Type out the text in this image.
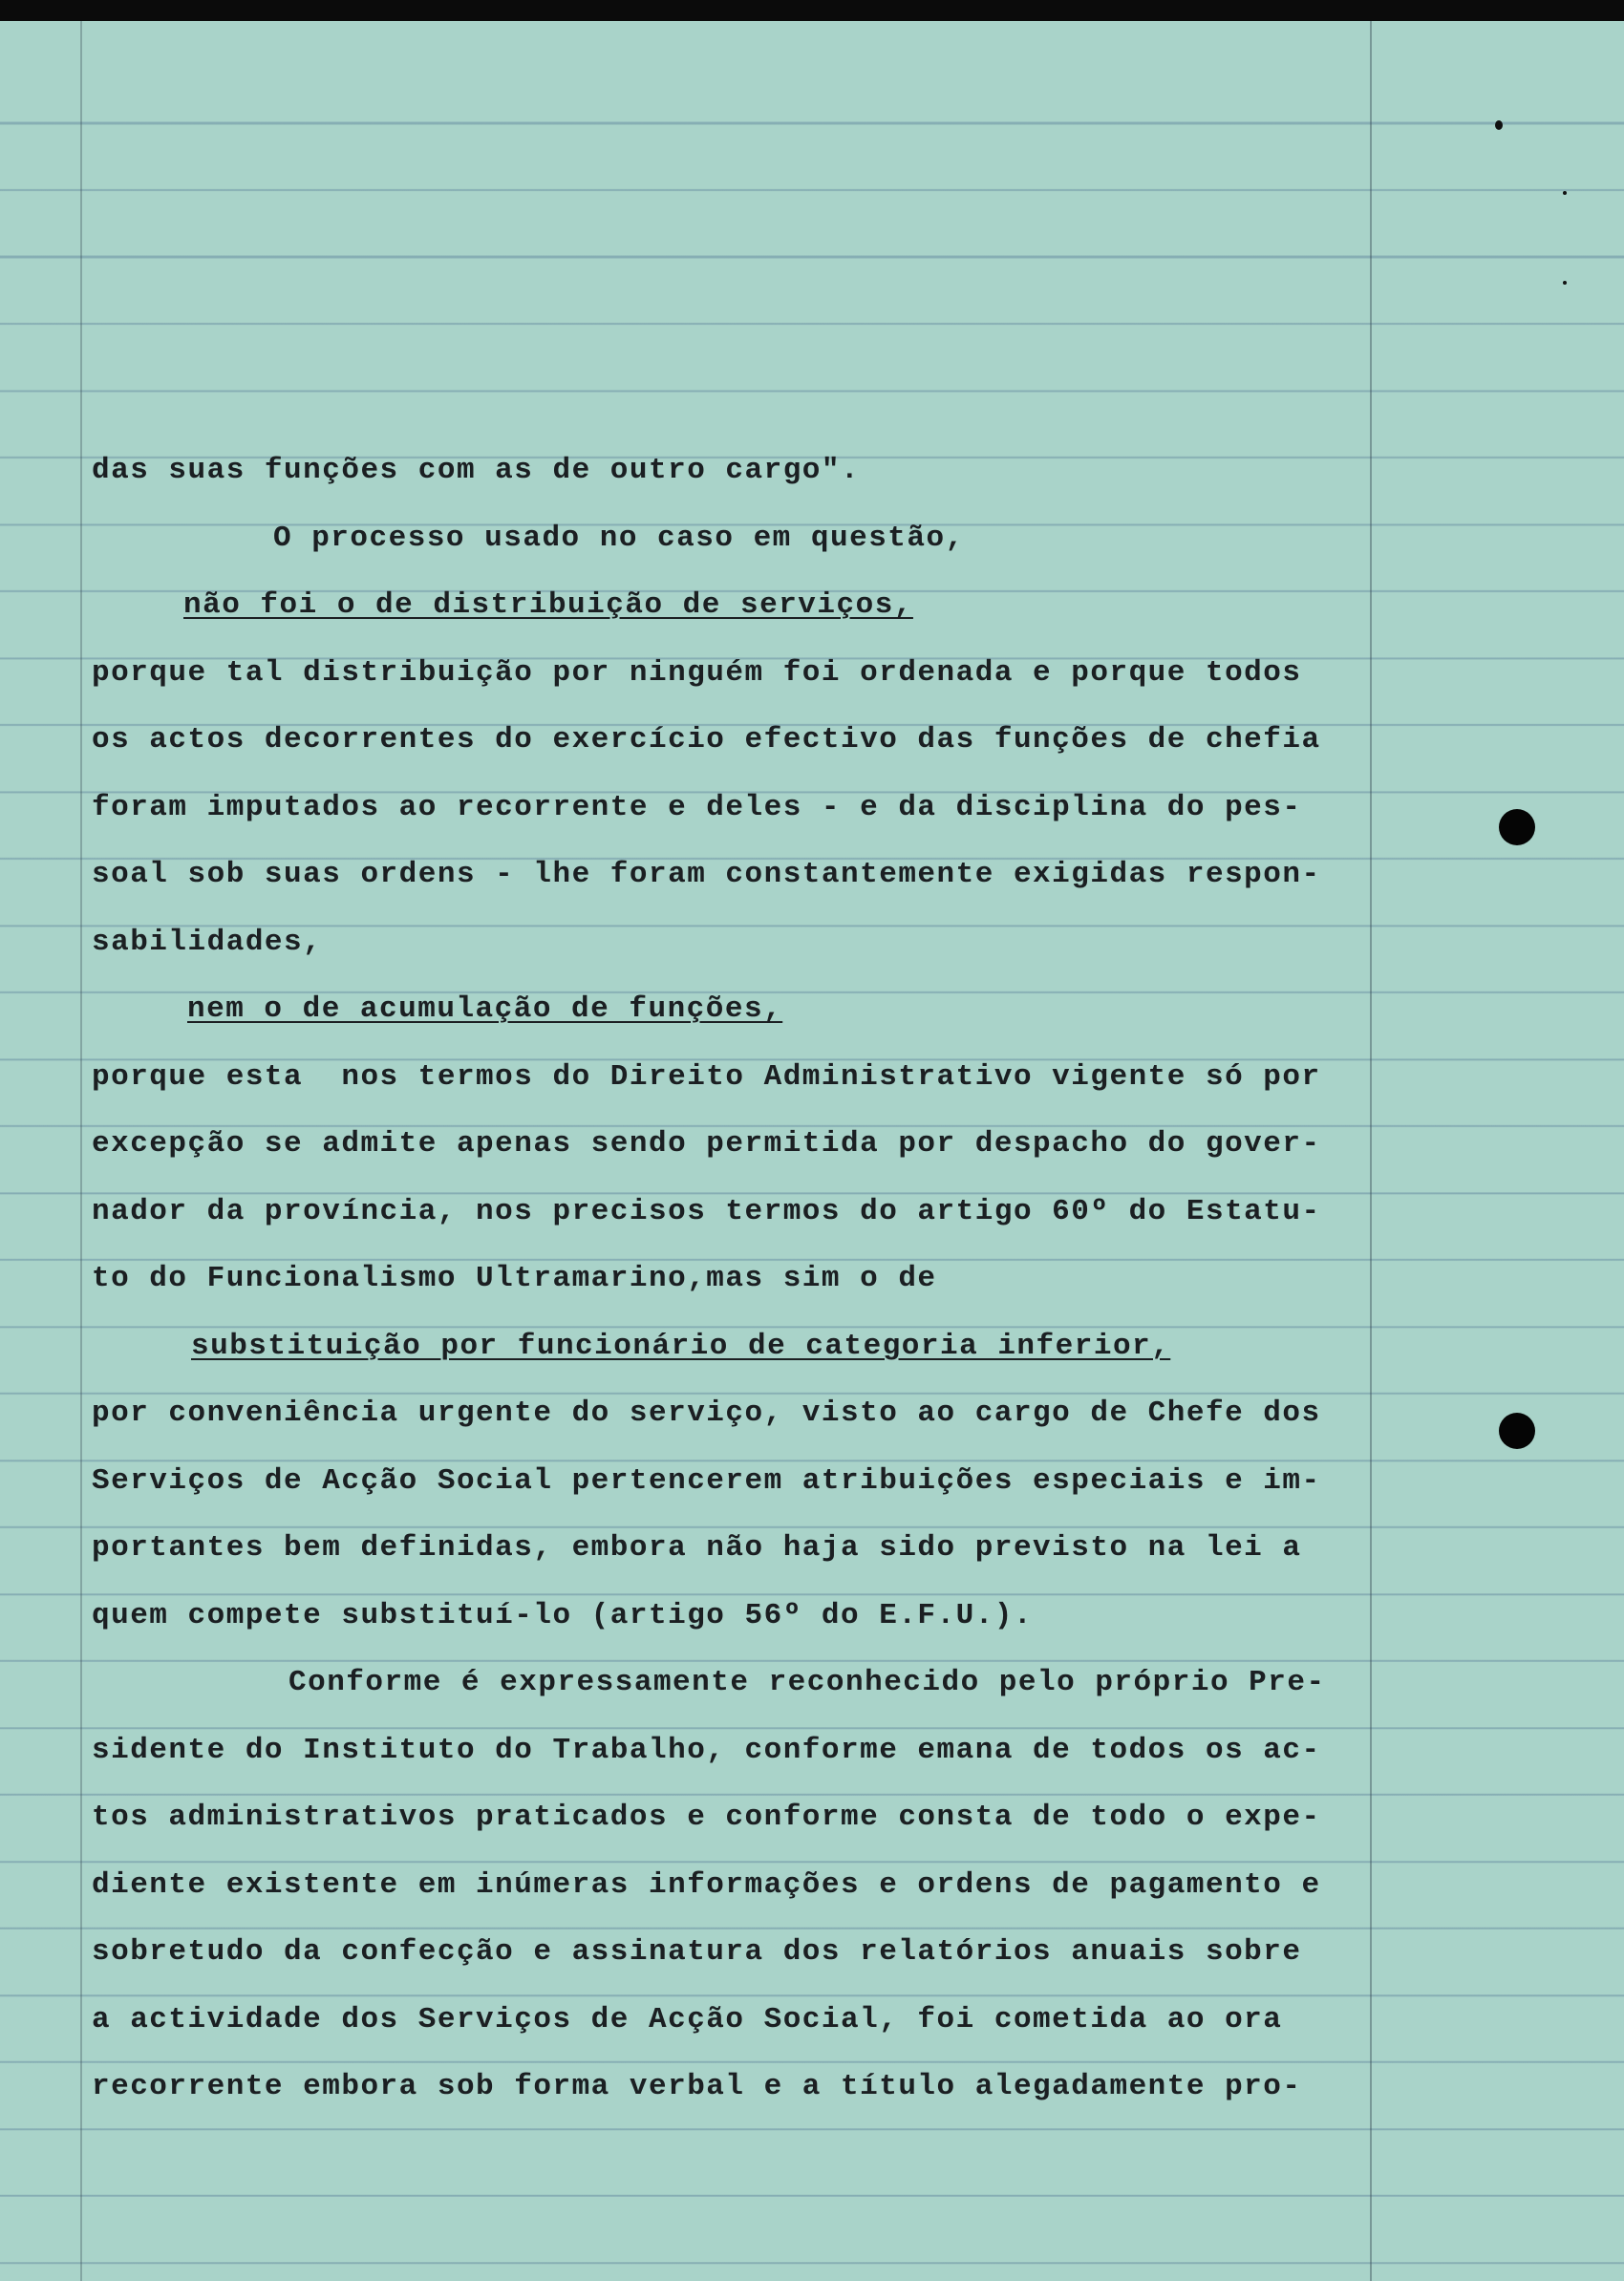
das suas funções com as de outro cargo".
O processo usado no caso em questão,
não foi o de distribuição de serviços,
porque tal distribuição por ninguém foi ordenada e porque todos
os actos decorrentes do exercício efectivo das funções de chefia
foram imputados ao recorrente e deles - e da disciplina do pes-
soal sob suas ordens - lhe foram constantemente exigidas respon-
sabilidades,
nem o de acumulação de funções,
porque esta  nos termos do Direito Administrativo vigente só por
excepção se admite apenas sendo permitida por despacho do gover-
nador da província, nos precisos termos do artigo 60º do Estatu-
to do Funcionalismo Ultramarino,mas sim o de
substituição por funcionário de categoria inferior,
por conveniência urgente do serviço, visto ao cargo de Chefe dos
Serviços de Acção Social pertencerem atribuições especiais e im-
portantes bem definidas, embora não haja sido previsto na lei a
quem compete substituí-lo (artigo 56º do E.F.U.).
Conforme é expressamente reconhecido pelo próprio Pre-
sidente do Instituto do Trabalho, conforme emana de todos os ac-
tos administrativos praticados e conforme consta de todo o expe-
diente existente em inúmeras informações e ordens de pagamento e
sobretudo da confecção e assinatura dos relatórios anuais sobre
a actividade dos Serviços de Acção Social, foi cometida ao ora
recorrente embora sob forma verbal e a título alegadamente pro-
